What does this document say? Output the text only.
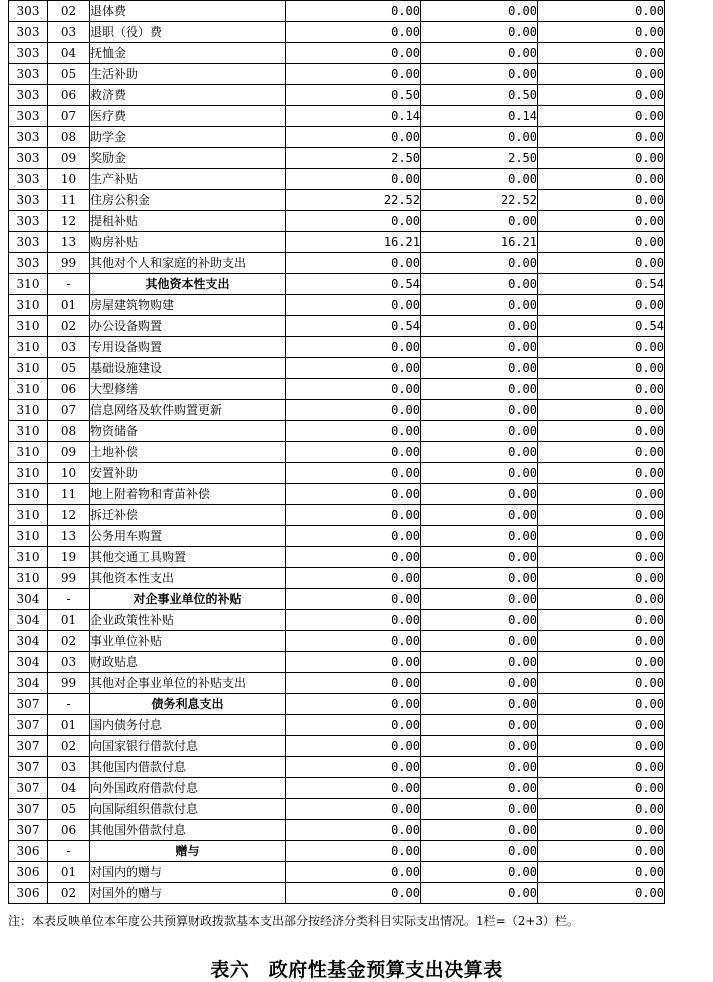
303	02	退体费	0.00	0.00	0.00
303	03	退职（役）费	0.00	0.00	0.00
303	04	抚恤金	0.00	0.00	0.00
303	05	生活补助	0.00	0.00	0.00
303	06	救济费	0.50	0.50	0.00
303	07	医疗费	0.14	0.14	0.00
303	08	助学金	0.00	0.00	0.00
303	09	奖励金	2.50	2.50	0.00
303	10	生产补贴	0.00	0.00	0.00
303	11	住房公积金	22.52	22.52	0.00
303	12	提租补贴	0.00	0.00	0.00
303	13	购房补贴	16.21	16.21	0.00
303	99	其他对个人和家庭的补助支出	0.00	0.00	0.00
310	-	其他资本性支出	0.54	0.00	0.54
310	01	房屋建筑物购建	0.00	0.00	0.00
310	02	办公设备购置	0.54	0.00	0.54
310	03	专用设备购置	0.00	0.00	0.00
310	05	基础设施建设	0.00	0.00	0.00
310	06	大型修缮	0.00	0.00	0.00
310	07	信息网络及软件购置更新	0.00	0.00	0.00
310	08	物资储备	0.00	0.00	0.00
310	09	土地补偿	0.00	0.00	0.00
310	10	安置补助	0.00	0.00	0.00
310	11	地上附着物和青苗补偿	0.00	0.00	0.00
310	12	拆迁补偿	0.00	0.00	0.00
310	13	公务用车购置	0.00	0.00	0.00
310	19	其他交通工具购置	0.00	0.00	0.00
310	99	其他资本性支出	0.00	0.00	0.00
304	-	对企事业单位的补贴	0.00	0.00	0.00
304	01	企业政策性补贴	0.00	0.00	0.00
304	02	事业单位补贴	0.00	0.00	0.00
304	03	财政贴息	0.00	0.00	0.00
304	99	其他对企事业单位的补贴支出	0.00	0.00	0.00
307	-	债务利息支出	0.00	0.00	0.00
307	01	国内债务付息	0.00	0.00	0.00
307	02	向国家银行借款付息	0.00	0.00	0.00
307	03	其他国内借款付息	0.00	0.00	0.00
307	04	向外国政府借款付息	0.00	0.00	0.00
307	05	向国际组织借款付息	0.00	0.00	0.00
307	06	其他国外借款付息	0.00	0.00	0.00
306	-	赠与	0.00	0.00	0.00
306	01	对国内的赠与	0.00	0.00	0.00
306	02	对国外的赠与	0.00	0.00	0.00
注：本表反映单位本年度公共预算财政拨款基本支出部分按经济分类科目实际支出情况。1栏=（2+3）栏。
表六　政府性基金预算支出决算表
